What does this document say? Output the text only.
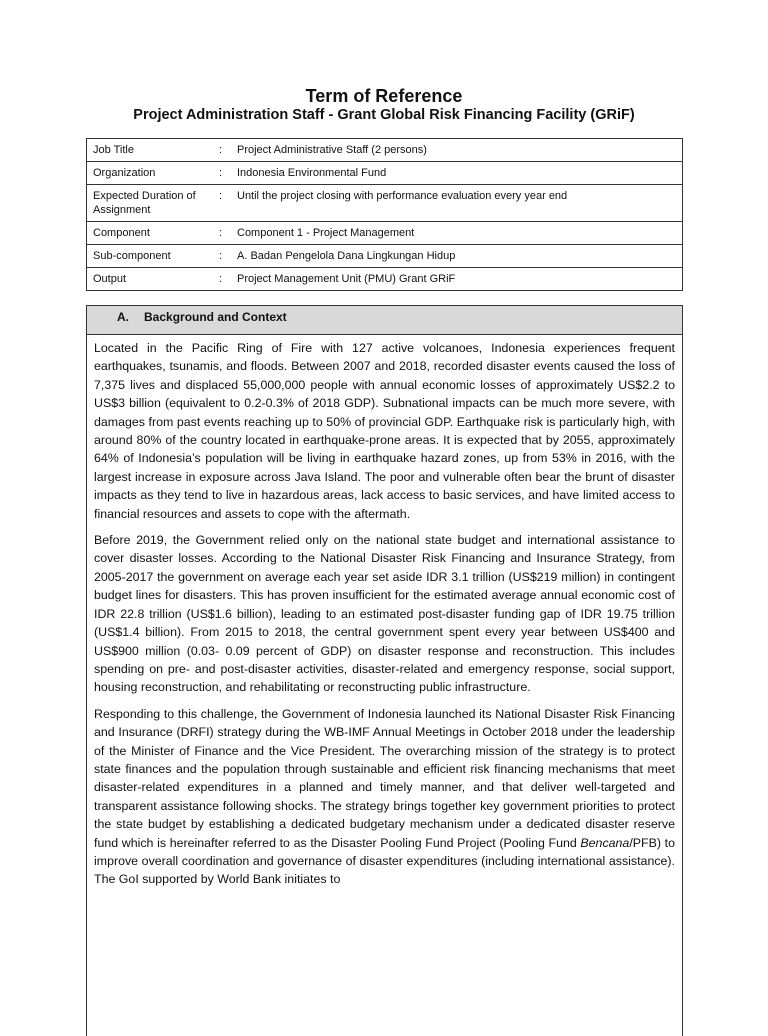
Term of Reference
Project Administration Staff - Grant Global Risk Financing Facility (GRiF)
Job Title	:	Project Administrative Staff (2 persons)
Organization	:	Indonesia Environmental Fund
Expected Duration of Assignment	:	Until the project closing with performance evaluation every year end
Component	:	Component 1 - Project Management
Sub-component	:	A. Badan Pengelola Dana Lingkungan Hidup
Output	:	Project Management Unit (PMU) Grant GRiF
A. Background and Context

Located in the Pacific Ring of Fire with 127 active volcanoes, Indonesia experiences frequent earthquakes, tsunamis, and floods. Between 2007 and 2018, recorded disaster events caused the loss of 7,375 lives and displaced 55,000,000 people with annual economic losses of approximately US$2.2 to US$3 billion (equivalent to 0.2-0.3% of 2018 GDP). Subnational impacts can be much more severe, with damages from past events reaching up to 50% of provincial GDP. Earthquake risk is particularly high, with around 80% of the country located in earthquake-prone areas. It is expected that by 2055, approximately 64% of Indonesia’s population will be living in earthquake hazard zones, up from 53% in 2016, with the largest increase in exposure across Java Island. The poor and vulnerable often bear the brunt of disaster impacts as they tend to live in hazardous areas, lack access to basic services, and have limited access to financial resources and assets to cope with the aftermath.

Before 2019, the Government relied only on the national state budget and international assistance to cover disaster losses. According to the National Disaster Risk Financing and Insurance Strategy, from 2005-2017 the government on average each year set aside IDR 3.1 trillion (US$219 million) in contingent budget lines for disasters. This has proven insufficient for the estimated average annual economic cost of IDR 22.8 trillion (US$1.6 billion), leading to an estimated post-disaster funding gap of IDR 19.75 trillion (US$1.4 billion). From 2015 to 2018, the central government spent every year between US$400 and US$900 million (0.03- 0.09 percent of GDP) on disaster response and reconstruction. This includes spending on pre- and post-disaster activities, disaster-related and emergency response, social support, housing reconstruction, and rehabilitating or reconstructing public infrastructure.

Responding to this challenge, the Government of Indonesia launched its National Disaster Risk Financing and Insurance (DRFI) strategy during the WB-IMF Annual Meetings in October 2018 under the leadership of the Minister of Finance and the Vice President. The overarching mission of the strategy is to protect state finances and the population through sustainable and efficient risk financing mechanisms that meet disaster-related expenditures in a planned and timely manner, and that deliver well-targeted and transparent assistance following shocks. The strategy brings together key government priorities to protect the state budget by establishing a dedicated budgetary mechanism under a dedicated disaster reserve fund which is hereinafter referred to as the Disaster Pooling Fund Project (Pooling Fund Bencana/PFB) to improve overall coordination and governance of disaster expenditures (including international assistance). The GoI supported by World Bank initiates to
